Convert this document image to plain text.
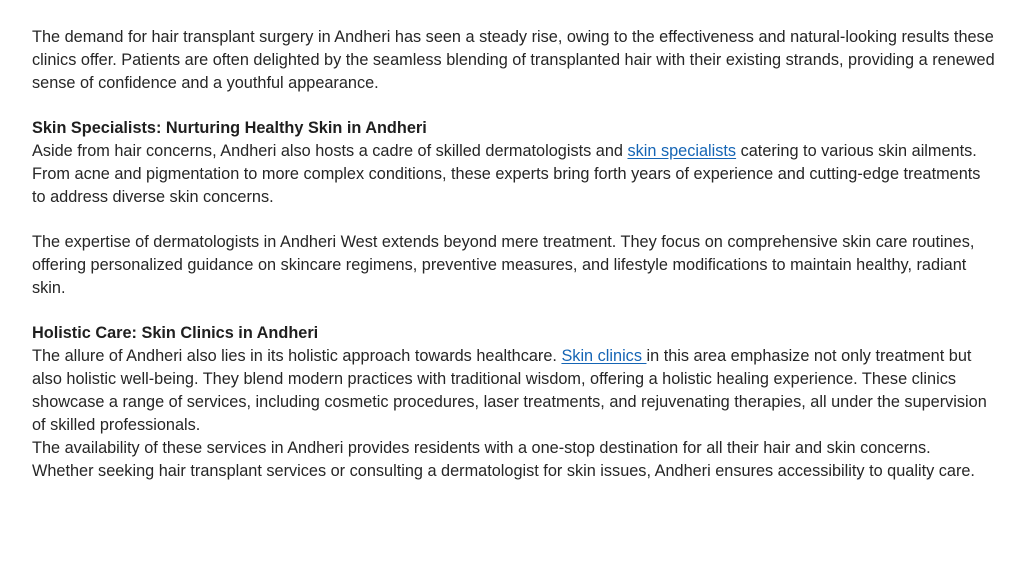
The demand for hair transplant surgery in Andheri has seen a steady rise, owing to the effectiveness and natural-looking results these clinics offer. Patients are often delighted by the seamless blending of transplanted hair with their existing strands, providing a renewed sense of confidence and a youthful appearance.

Skin Specialists: Nurturing Healthy Skin in Andheri

Aside from hair concerns, Andheri also hosts a cadre of skilled dermatologists and skin specialists catering to various skin ailments. From acne and pigmentation to more complex conditions, these experts bring forth years of experience and cutting-edge treatments to address diverse skin concerns.

The expertise of dermatologists in Andheri West extends beyond mere treatment. They focus on comprehensive skin care routines, offering personalized guidance on skincare regimens, preventive measures, and lifestyle modifications to maintain healthy, radiant skin.

Holistic Care: Skin Clinics in Andheri

The allure of Andheri also lies in its holistic approach towards healthcare. Skin clinics in this area emphasize not only treatment but also holistic well-being. They blend modern practices with traditional wisdom, offering a holistic healing experience. These clinics showcase a range of services, including cosmetic procedures, laser treatments, and rejuvenating therapies, all under the supervision of skilled professionals.

The availability of these services in Andheri provides residents with a one-stop destination for all their hair and skin concerns. Whether seeking hair transplant services or consulting a dermatologist for skin issues, Andheri ensures accessibility to quality care.
